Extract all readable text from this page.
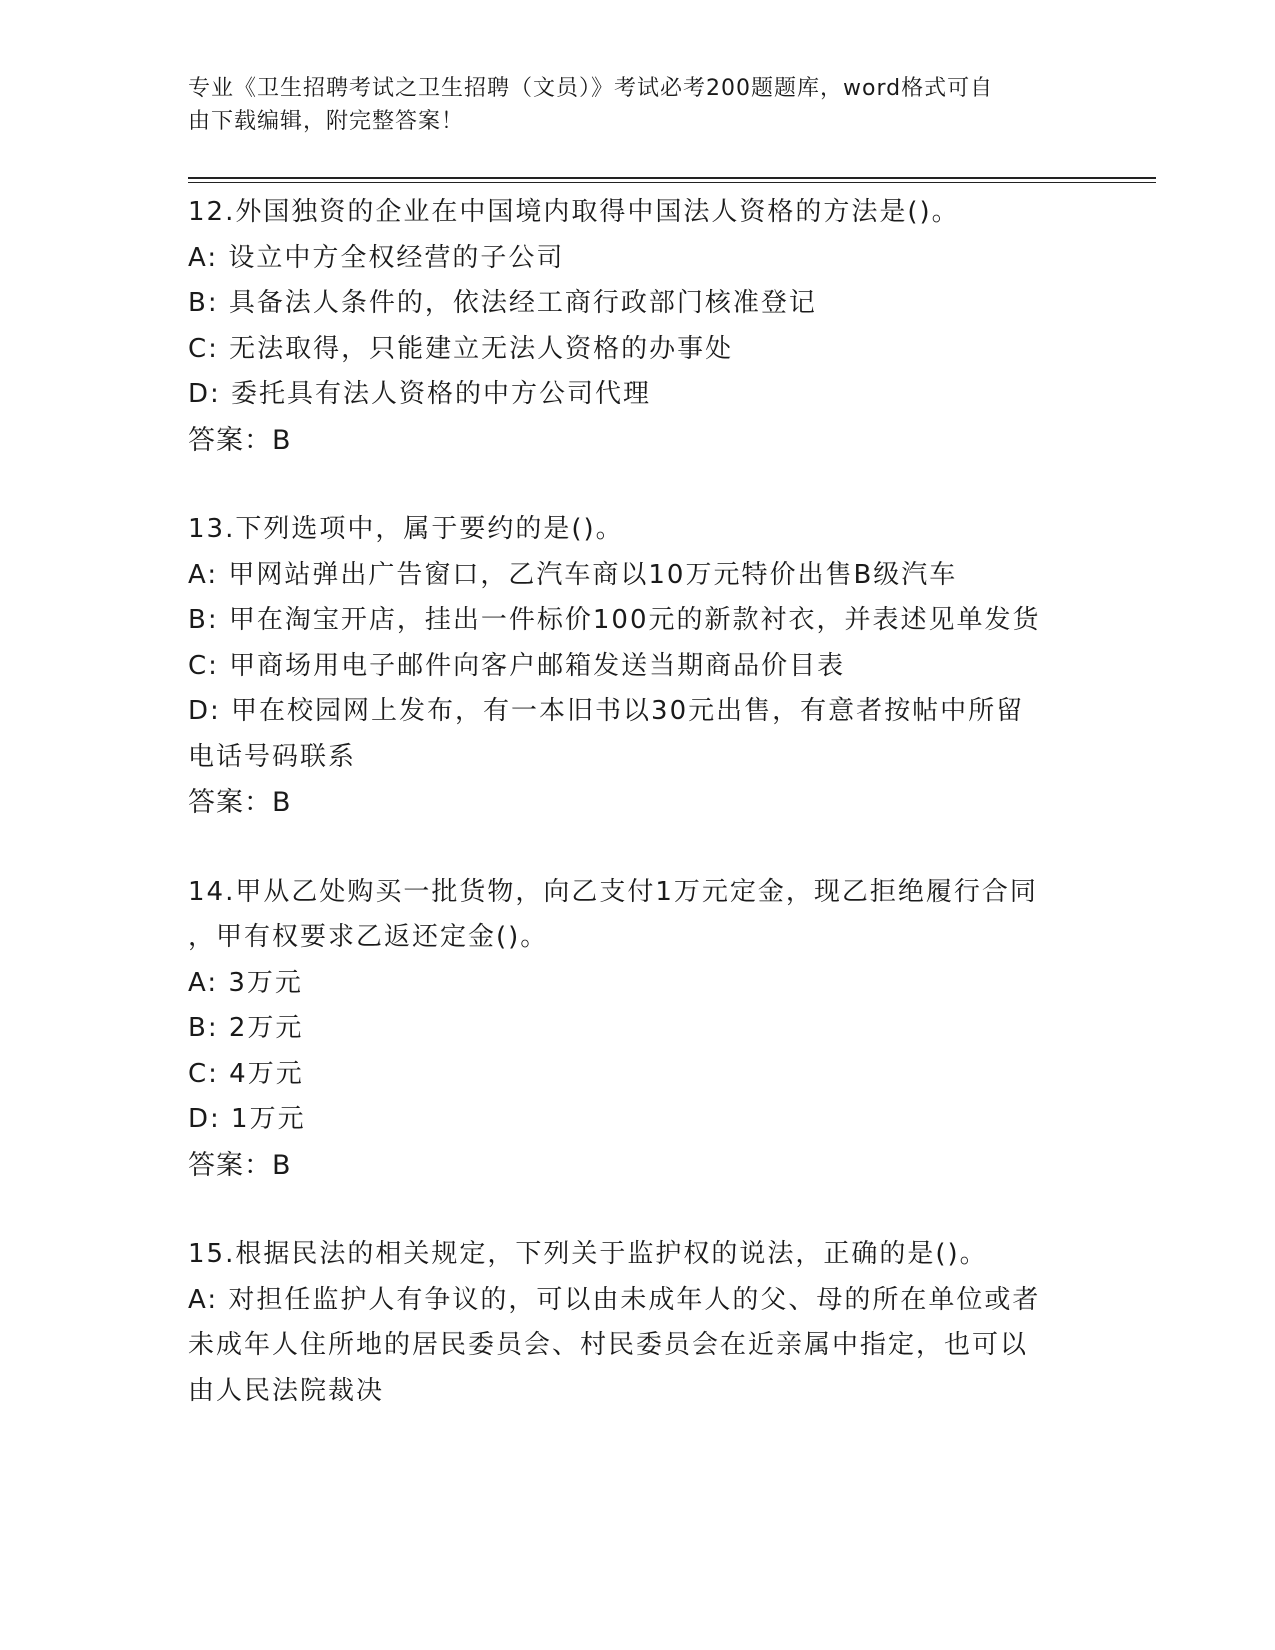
专业《卫生招聘考试之卫生招聘（文员）》考试必考200题题库，word格式可自
由下载编辑，附完整答案！
12.外国独资的企业在中国境内取得中国法人资格的方法是()。
A: 设立中方全权经营的子公司
B: 具备法人条件的，依法经工商行政部门核准登记
C: 无法取得，只能建立无法人资格的办事处
D: 委托具有法人资格的中方公司代理
答案：B
13.下列选项中，属于要约的是()。
A: 甲网站弹出广告窗口，乙汽车商以10万元特价出售B级汽车
B: 甲在淘宝开店，挂出一件标价100元的新款衬衣，并表述见单发货
C: 甲商场用电子邮件向客户邮箱发送当期商品价目表
D: 甲在校园网上发布，有一本旧书以30元出售，有意者按帖中所留
电话号码联系
答案：B
14.甲从乙处购买一批货物，向乙支付1万元定金，现乙拒绝履行合同
，甲有权要求乙返还定金()。
A: 3万元
B: 2万元
C: 4万元
D: 1万元
答案：B
15.根据民法的相关规定，下列关于监护权的说法，正确的是()。
A: 对担任监护人有争议的，可以由未成年人的父、母的所在单位或者
未成年人住所地的居民委员会、村民委员会在近亲属中指定，也可以
由人民法院裁决
